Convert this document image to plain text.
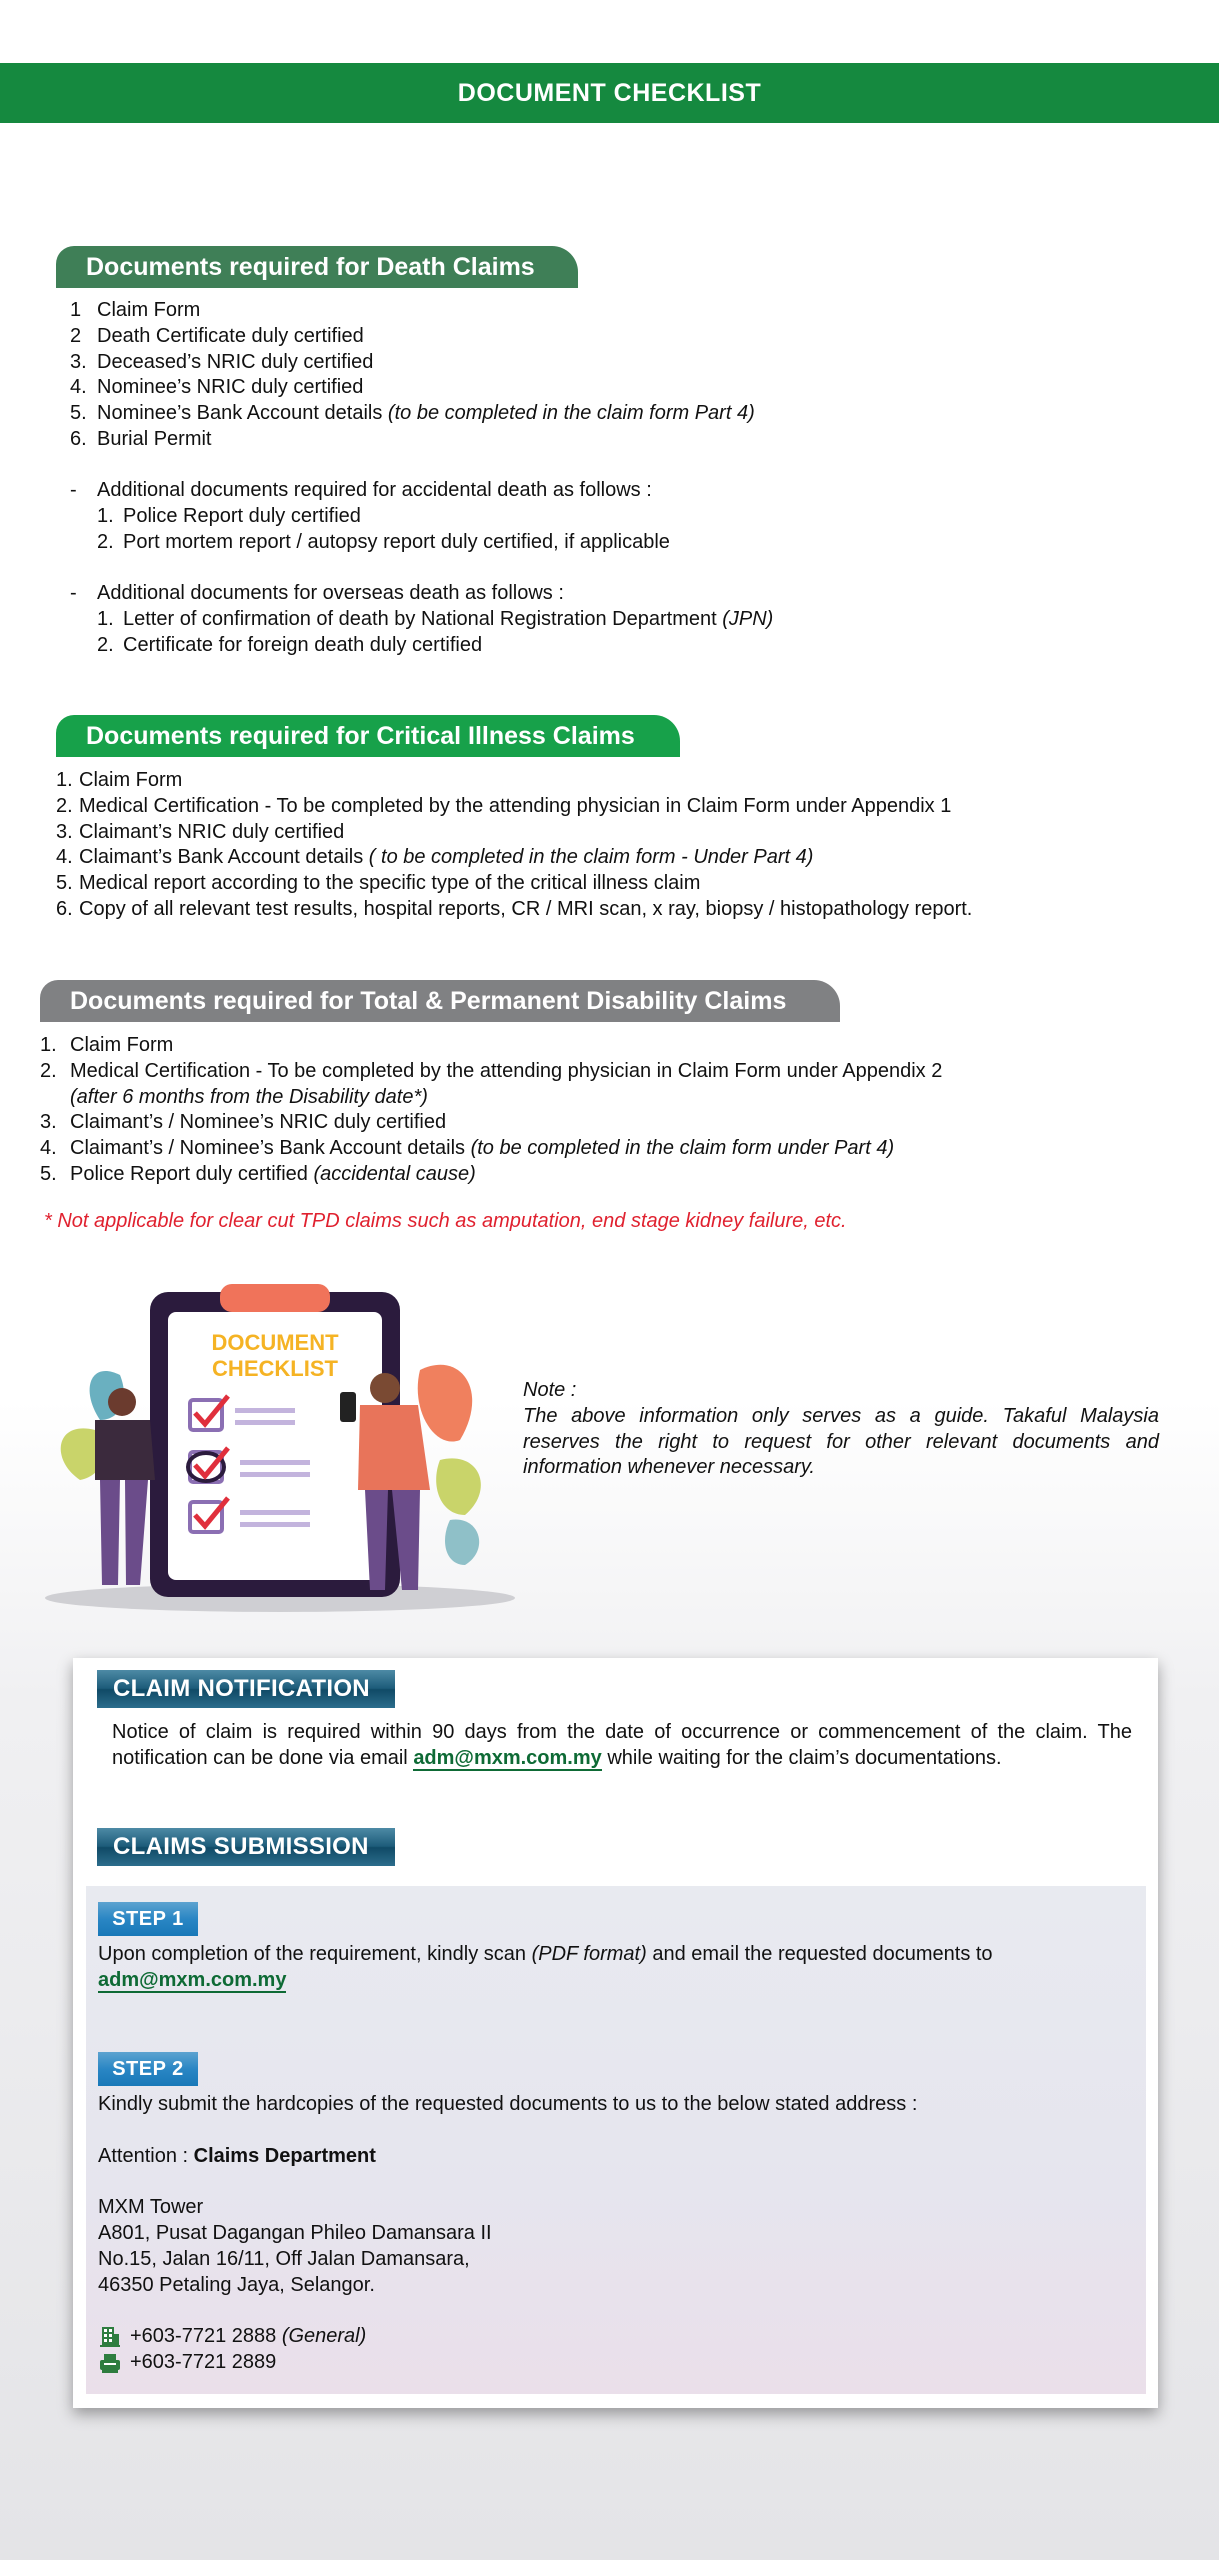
DOCUMENT CHECKLIST
Documents required for Death Claims
1 Claim Form
2 Death Certificate duly certified
3. Deceased’s NRIC duly certified
4. Nominee’s NRIC duly certified
5. Nominee’s Bank Account details (to be completed in the claim form Part 4)
6. Burial Permit
-	Additional documents required for accidental death as follows :
1. Police Report duly certified
2. Port mortem report / autopsy report duly certified, if applicable
-	Additional documents for overseas death as follows :
1. Letter of confirmation of death by National Registration Department (JPN)
2. Certificate for foreign death duly certified
Documents required for Critical Illness Claims
1. Claim Form
2. Medical Certification - To be completed by the attending physician in Claim Form under Appendix 1
3. Claimant’s NRIC duly certified
4. Claimant’s Bank Account details ( to be completed in the claim form - Under Part 4)
5. Medical report according to the specific type of the critical illness claim
6. Copy of all relevant test results, hospital reports, CR / MRI scan, x ray, biopsy / histopathology report.
Documents required for Total & Permanent Disability Claims
1. Claim Form
2. Medical Certification - To be completed by the attending physician in Claim Form under Appendix 2
(after 6 months from the Disability date*)
3. Claimant’s / Nominee’s NRIC duly certified
4. Claimant’s / Nominee’s Bank Account details (to be completed in the claim form under Part 4)
5. Police Report duly certified (accidental cause)
* Not applicable for clear cut TPD claims such as amputation, end stage kidney failure, etc.
DOCUMENT
CHECKLIST
Note :
The above information only serves as a guide. Takaful Malaysia reserves the right to request for other relevant documents and information whenever necessary.
CLAIM NOTIFICATION
Notice of claim is required within 90 days from the date of occurrence or commencement of the claim. The notification can be done via email adm@mxm.com.my while waiting for the claim’s documentations.
CLAIMS SUBMISSION
STEP 1
Upon completion of the requirement, kindly scan (PDF format) and email the requested documents to
adm@mxm.com.my
STEP 2
Kindly submit the hardcopies of the requested documents to us to the below stated address :
Attention : Claims Department
MXM Tower
A801, Pusat Dagangan Phileo Damansara II
No.15, Jalan 16/11, Off Jalan Damansara,
46350 Petaling Jaya, Selangor.
+603-7721 2888 (General)
+603-7721 2889
